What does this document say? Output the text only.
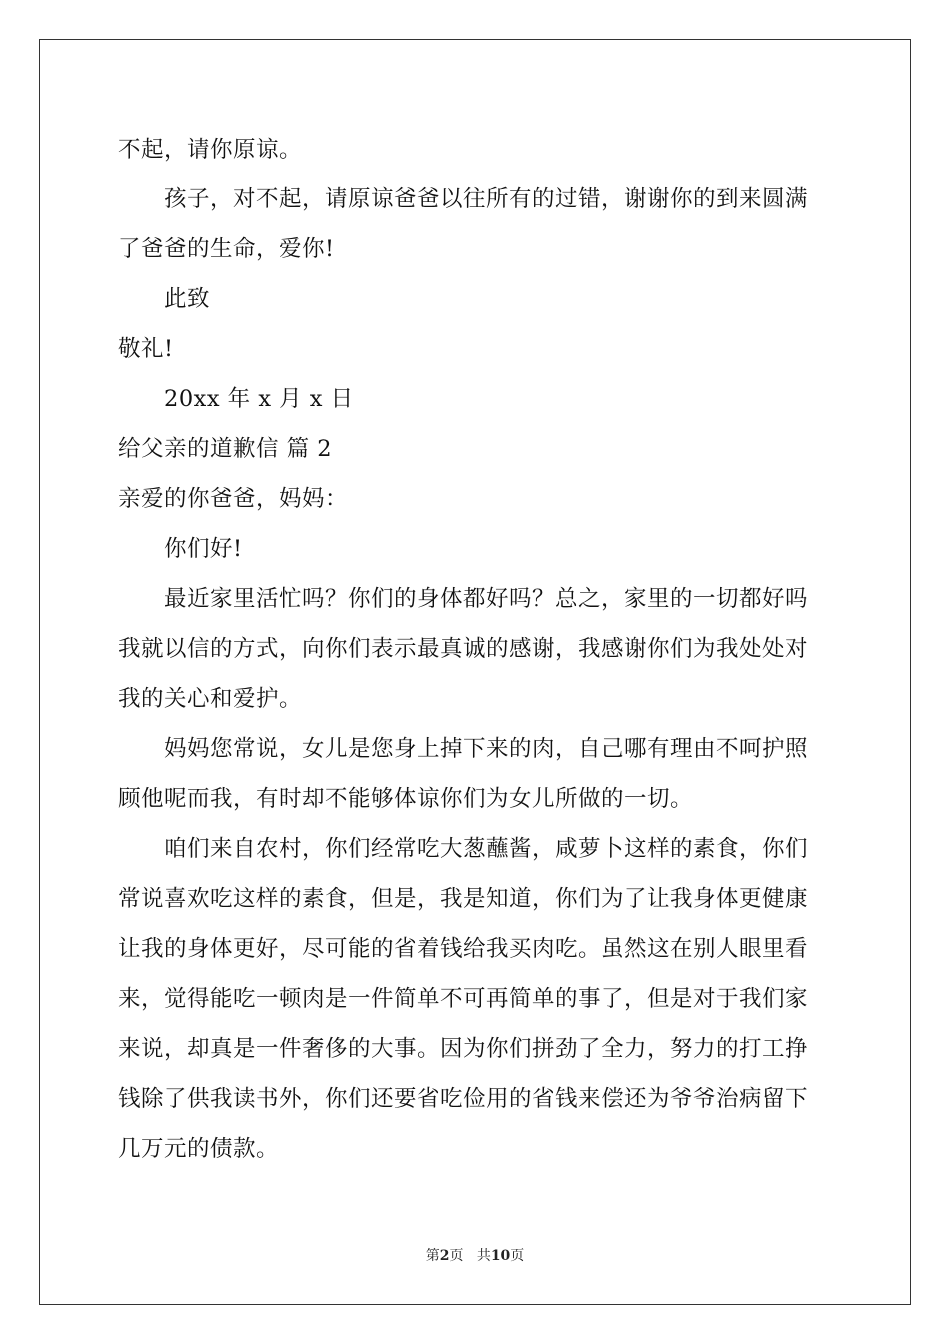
不起，请你原谅。
孩子，对不起，请原谅爸爸以往所有的过错，谢谢你的到来圆满
了爸爸的生命，爱你!
此致
敬礼!
20xx 年 x 月 x 日
给父亲的道歉信 篇 2
亲爱的你爸爸，妈妈：
你们好!
最近家里活忙吗？你们的身体都好吗？总之，家里的一切都好吗
我就以信的方式，向你们表示最真诚的感谢，我感谢你们为我处处对
我的关心和爱护。
妈妈您常说，女儿是您身上掉下来的肉，自己哪有理由不呵护照
顾他呢而我，有时却不能够体谅你们为女儿所做的一切。
咱们来自农村，你们经常吃大葱蘸酱，咸萝卜这样的素食，你们
常说喜欢吃这样的素食，但是，我是知道，你们为了让我身体更健康
让我的身体更好，尽可能的省着钱给我买肉吃。虽然这在别人眼里看
来，觉得能吃一顿肉是一件简单不可再简单的事了，但是对于我们家
来说，却真是一件奢侈的大事。因为你们拼劲了全力，努力的打工挣
钱除了供我读书外，你们还要省吃俭用的省钱来偿还为爷爷治病留下
几万元的债款。
第2页 共10页
